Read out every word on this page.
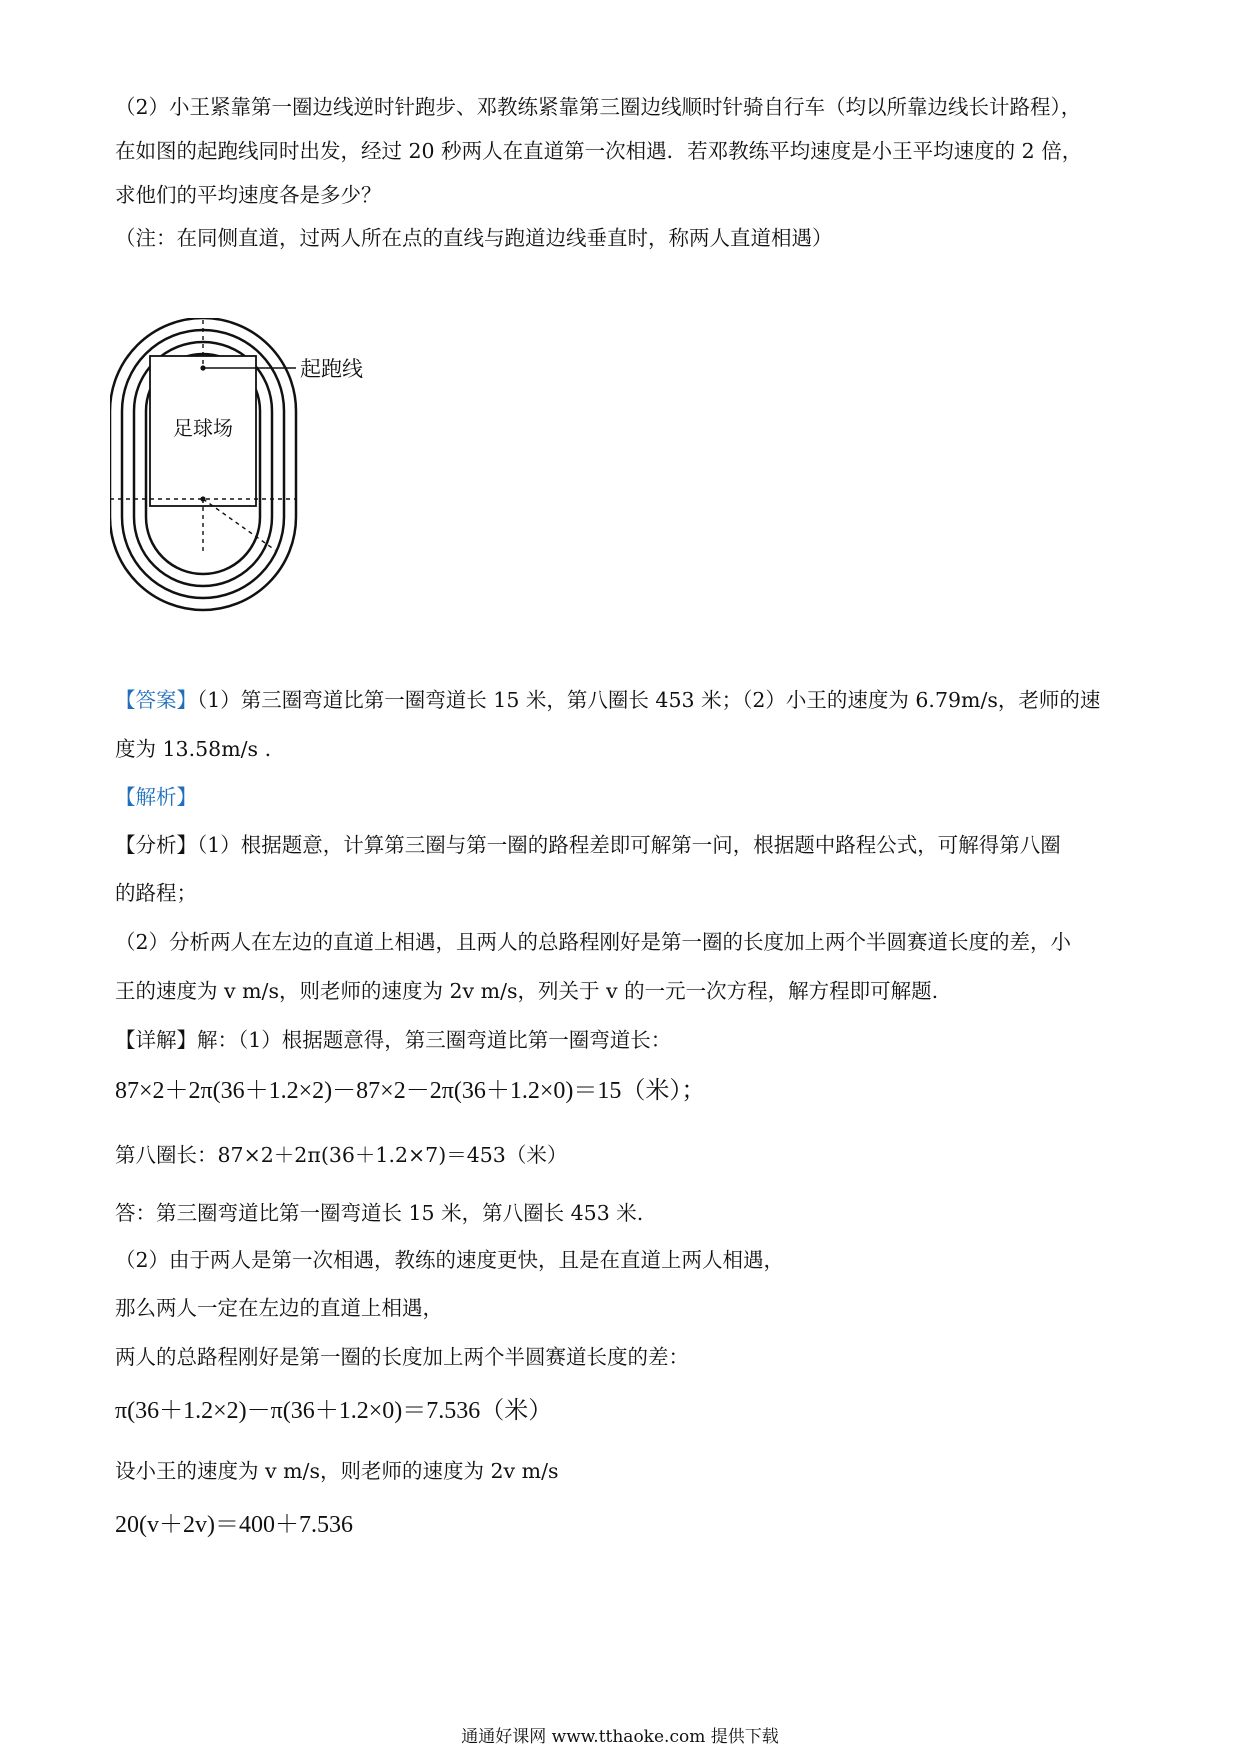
（2）小王紧靠第一圈边线逆时针跑步、邓教练紧靠第三圈边线顺时针骑自行车（均以所靠边线长计路程），
在如图的起跑线同时出发，经过 20 秒两人在直道第一次相遇．若邓教练平均速度是小王平均速度的 2 倍，
求他们的平均速度各是多少？
（注：在同侧直道，过两人所在点的直线与跑道边线垂直时，称两人直道相遇）
足球场
起跑线
【答案】（1）第三圈弯道比第一圈弯道长 15 米，第八圈长 453 米；（2）小王的速度为 6.79m/s，老师的速
度为 13.58m/s .
【解析】
【分析】（1）根据题意，计算第三圈与第一圈的路程差即可解第一问，根据题中路程公式，可解得第八圈
的路程；
（2）分析两人在左边的直道上相遇，且两人的总路程刚好是第一圈的长度加上两个半圆赛道长度的差，小
王的速度为 v m/s，则老师的速度为 2v m/s，列关于 v 的一元一次方程，解方程即可解题.
【详解】解：（1）根据题意得，第三圈弯道比第一圈弯道长：
87×2＋2π(36＋1.2×2)－87×2－2π(36＋1.2×0)＝15（米）；
第八圈长：87×2＋2π(36＋1.2×7)＝453（米）
答：第三圈弯道比第一圈弯道长 15 米，第八圈长 453 米.
（2）由于两人是第一次相遇，教练的速度更快，且是在直道上两人相遇，
那么两人一定在左边的直道上相遇，
两人的总路程刚好是第一圈的长度加上两个半圆赛道长度的差：
π(36＋1.2×2)－π(36＋1.2×0)＝7.536（米）
设小王的速度为 v m/s，则老师的速度为 2v m/s
20(v＋2v)＝400＋7.536
通通好课网 www.tthaoke.com 提供下载
